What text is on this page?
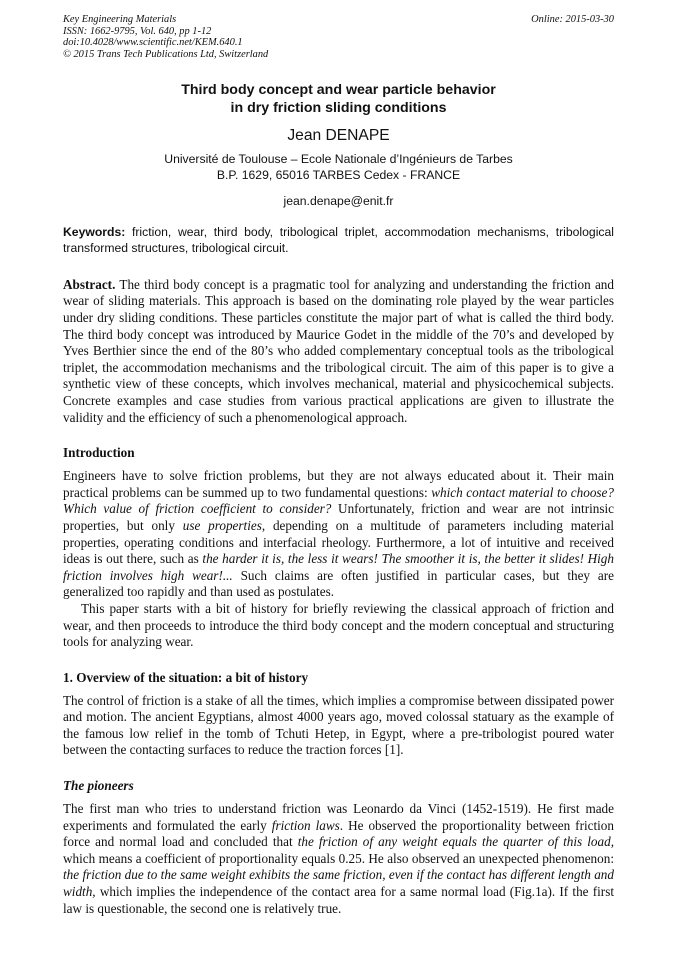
Key Engineering Materials
ISSN: 1662-9795, Vol. 640, pp 1-12
doi:10.4028/www.scientific.net/KEM.640.1
© 2015 Trans Tech Publications Ltd, Switzerland
Online: 2015-03-30
Third body concept and wear particle behavior
in dry friction sliding conditions
Jean DENAPE
Université de Toulouse – Ecole Nationale d’Ingénieurs de Tarbes
B.P. 1629, 65016 TARBES Cedex - FRANCE
jean.denape@enit.fr
Keywords: friction, wear, third body, tribological triplet, accommodation mechanisms, tribological transformed structures, tribological circuit.
Abstract. The third body concept is a pragmatic tool for analyzing and understanding the friction and wear of sliding materials. This approach is based on the dominating role played by the wear particles under dry sliding conditions. These particles constitute the major part of what is called the third body. The third body concept was introduced by Maurice Godet in the middle of the 70’s and developed by Yves Berthier since the end of the 80’s who added complementary conceptual tools as the tribological triplet, the accommodation mechanisms and the tribological circuit. The aim of this paper is to give a synthetic view of these concepts, which involves mechanical, material and physicochemical subjects. Concrete examples and case studies from various practical applications are given to illustrate the validity and the efficiency of such a phenomenological approach.
Introduction
Engineers have to solve friction problems, but they are not always educated about it. Their main practical problems can be summed up to two fundamental questions: which contact material to choose? Which value of friction coefficient to consider? Unfortunately, friction and wear are not intrinsic properties, but only use properties, depending on a multitude of parameters including material properties, operating conditions and interfacial rheology. Furthermore, a lot of intuitive and received ideas is out there, such as the harder it is, the less it wears! The smoother it is, the better it slides! High friction involves high wear!... Such claims are often justified in particular cases, but they are generalized too rapidly and than used as postulates.
This paper starts with a bit of history for briefly reviewing the classical approach of friction and wear, and then proceeds to introduce the third body concept and the modern conceptual and structuring tools for analyzing wear.
1. Overview of the situation: a bit of history
The control of friction is a stake of all the times, which implies a compromise between dissipated power and motion. The ancient Egyptians, almost 4000 years ago, moved colossal statuary as the example of the famous low relief in the tomb of Tchuti Hetep, in Egypt, where a pre-tribologist poured water between the contacting surfaces to reduce the traction forces [1].
The pioneers
The first man who tries to understand friction was Leonardo da Vinci (1452-1519). He first made experiments and formulated the early friction laws. He observed the proportionality between friction force and normal load and concluded that the friction of any weight equals the quarter of this load, which means a coefficient of proportionality equals 0.25. He also observed an unexpected phenomenon: the friction due to the same weight exhibits the same friction, even if the contact has different length and width, which implies the independence of the contact area for a same normal load (Fig.1a). If the first law is questionable, the second one is relatively true.
